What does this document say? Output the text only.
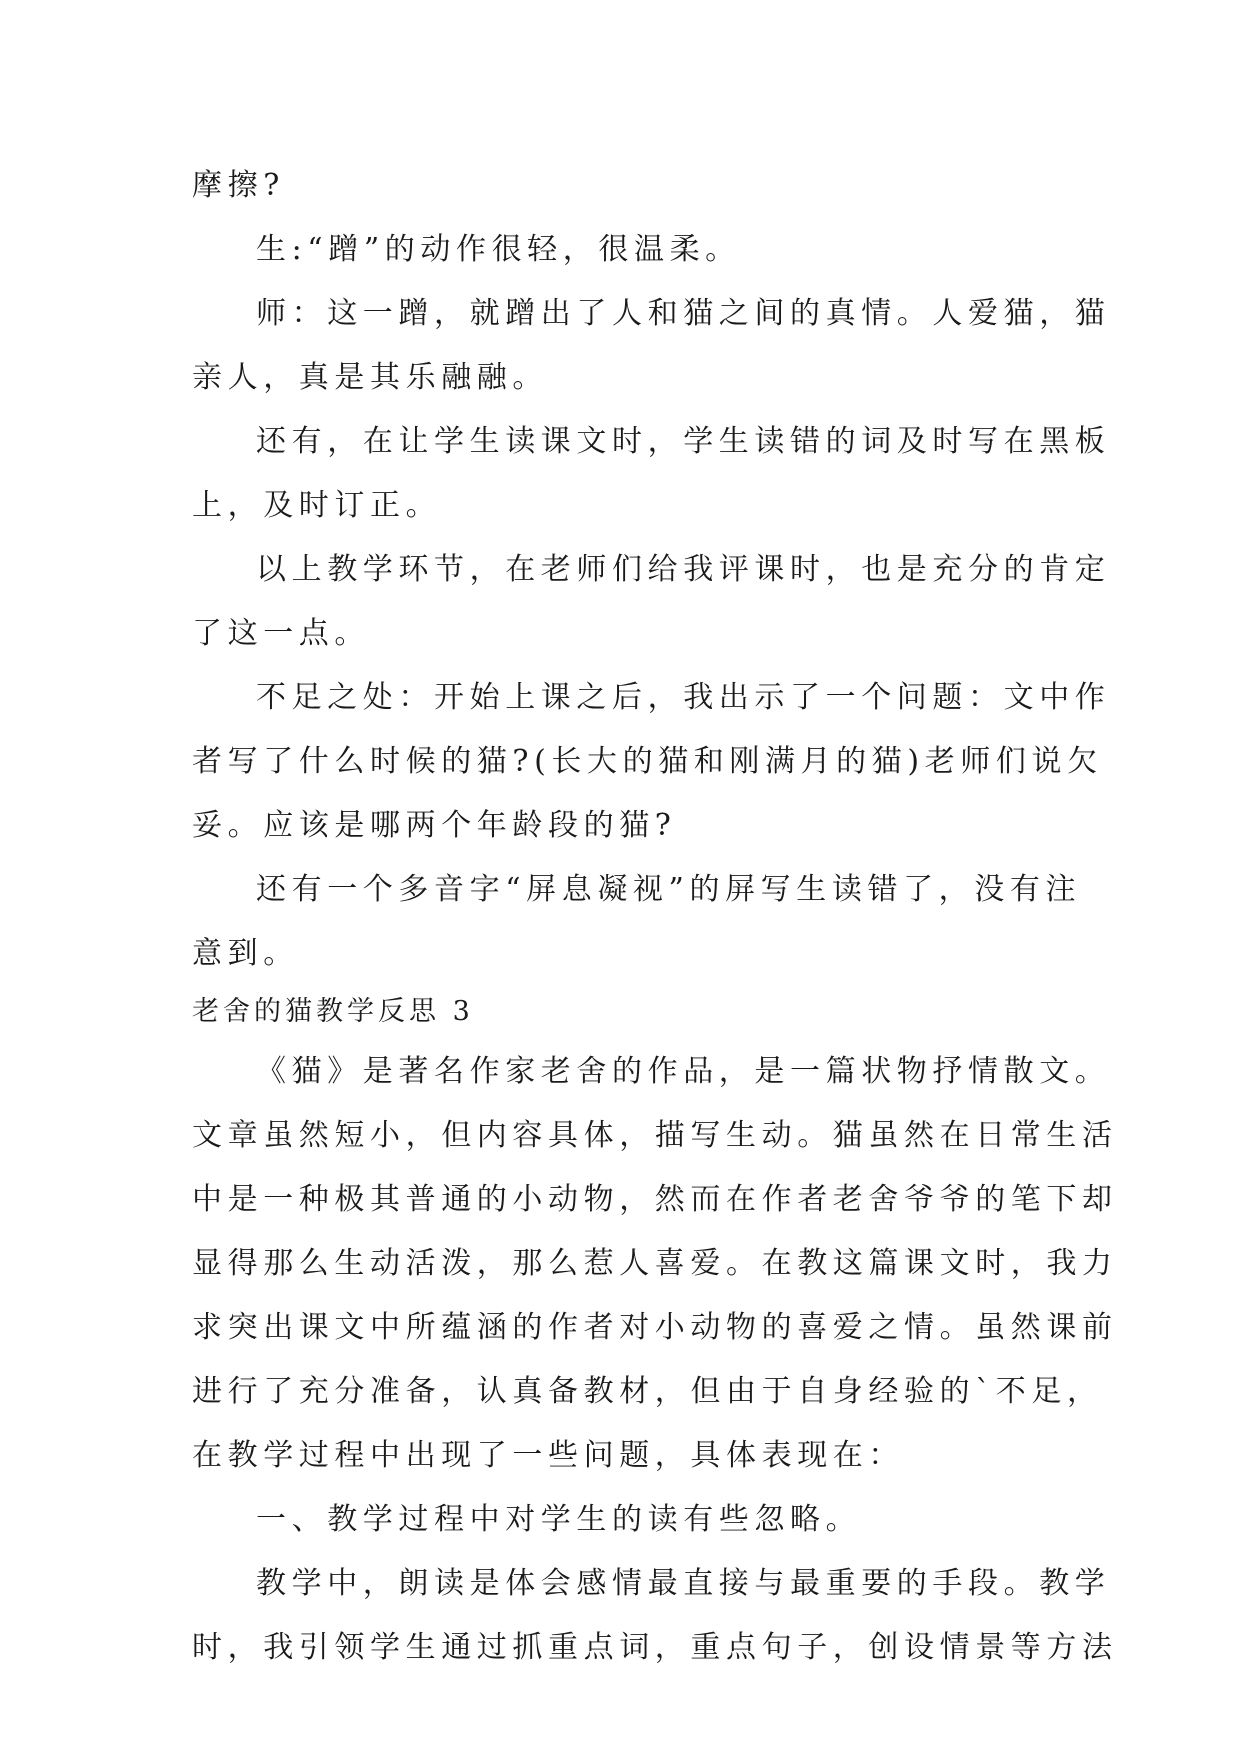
摩擦?
生:“蹭”的动作很轻，很温柔。
师：这一蹭，就蹭出了人和猫之间的真情。人爱猫，猫
亲人，真是其乐融融。
还有，在让学生读课文时，学生读错的词及时写在黑板
上，及时订正。
以上教学环节，在老师们给我评课时，也是充分的肯定
了这一点。
不足之处：开始上课之后，我出示了一个问题：文中作
者写了什么时候的猫?(长大的猫和刚满月的猫)老师们说欠
妥。应该是哪两个年龄段的猫?
还有一个多音字“屏息凝视”的屏写生读错了，没有注
意到。
老舍的猫教学反思 3
《猫》是著名作家老舍的作品，是一篇状物抒情散文。
文章虽然短小，但内容具体，描写生动。猫虽然在日常生活
中是一种极其普通的小动物，然而在作者老舍爷爷的笔下却
显得那么生动活泼，那么惹人喜爱。在教这篇课文时，我力
求突出课文中所蕴涵的作者对小动物的喜爱之情。虽然课前
进行了充分准备，认真备教材，但由于自身经验的`不足，
在教学过程中出现了一些问题，具体表现在：
一、教学过程中对学生的读有些忽略。
教学中，朗读是体会感情最直接与最重要的手段。教学
时，我引领学生通过抓重点词，重点句子，创设情景等方法
